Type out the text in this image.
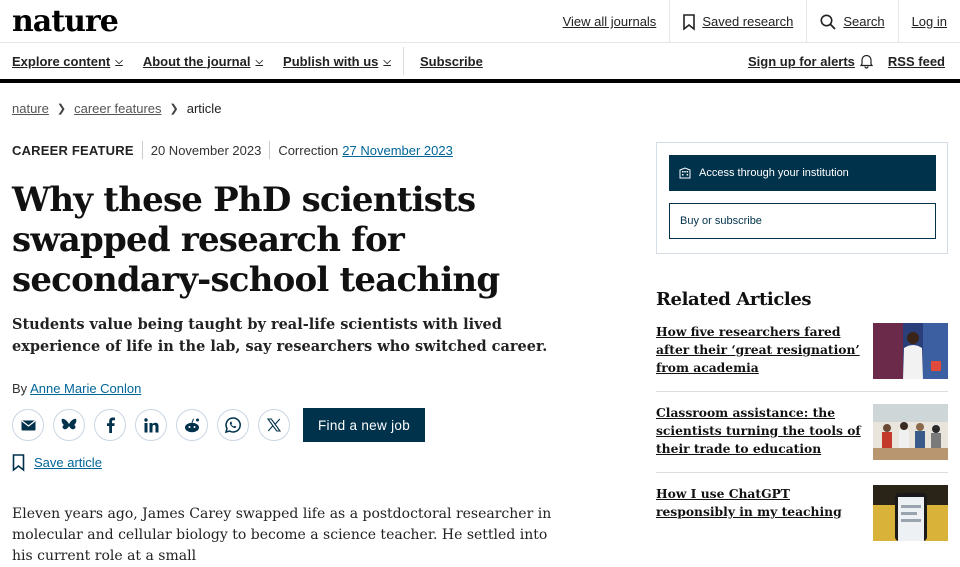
nature	View all journals	Saved research	Search Log in
Explore content ⌵ About the journal ⌵ Publish with us ⌵ Subscribe	Sign up for alerts	RSS feed
nature ❯ career features ❯ article
CAREER FEATURE 20 November 2023 Correction 27 November 2023
Why these PhD scientists swapped research for secondary-school teaching

Students value being taught by real-life scientists with lived experience of life in the lab, say researchers who switched career.

By Anne Marie Conlon
Find a new job
Save article

Eleven years ago, James Carey swapped life as a postdoctoral researcher in molecular and cellular biology to become a science teacher. He settled into his current role at a small

Access through your institution
Buy or subscribe
Related Articles
How five researchers fared after their ‘great resignation’ from academia
Classroom assistance: the scientists turning the tools of their trade to education
How I use ChatGPT responsibly in my teaching
